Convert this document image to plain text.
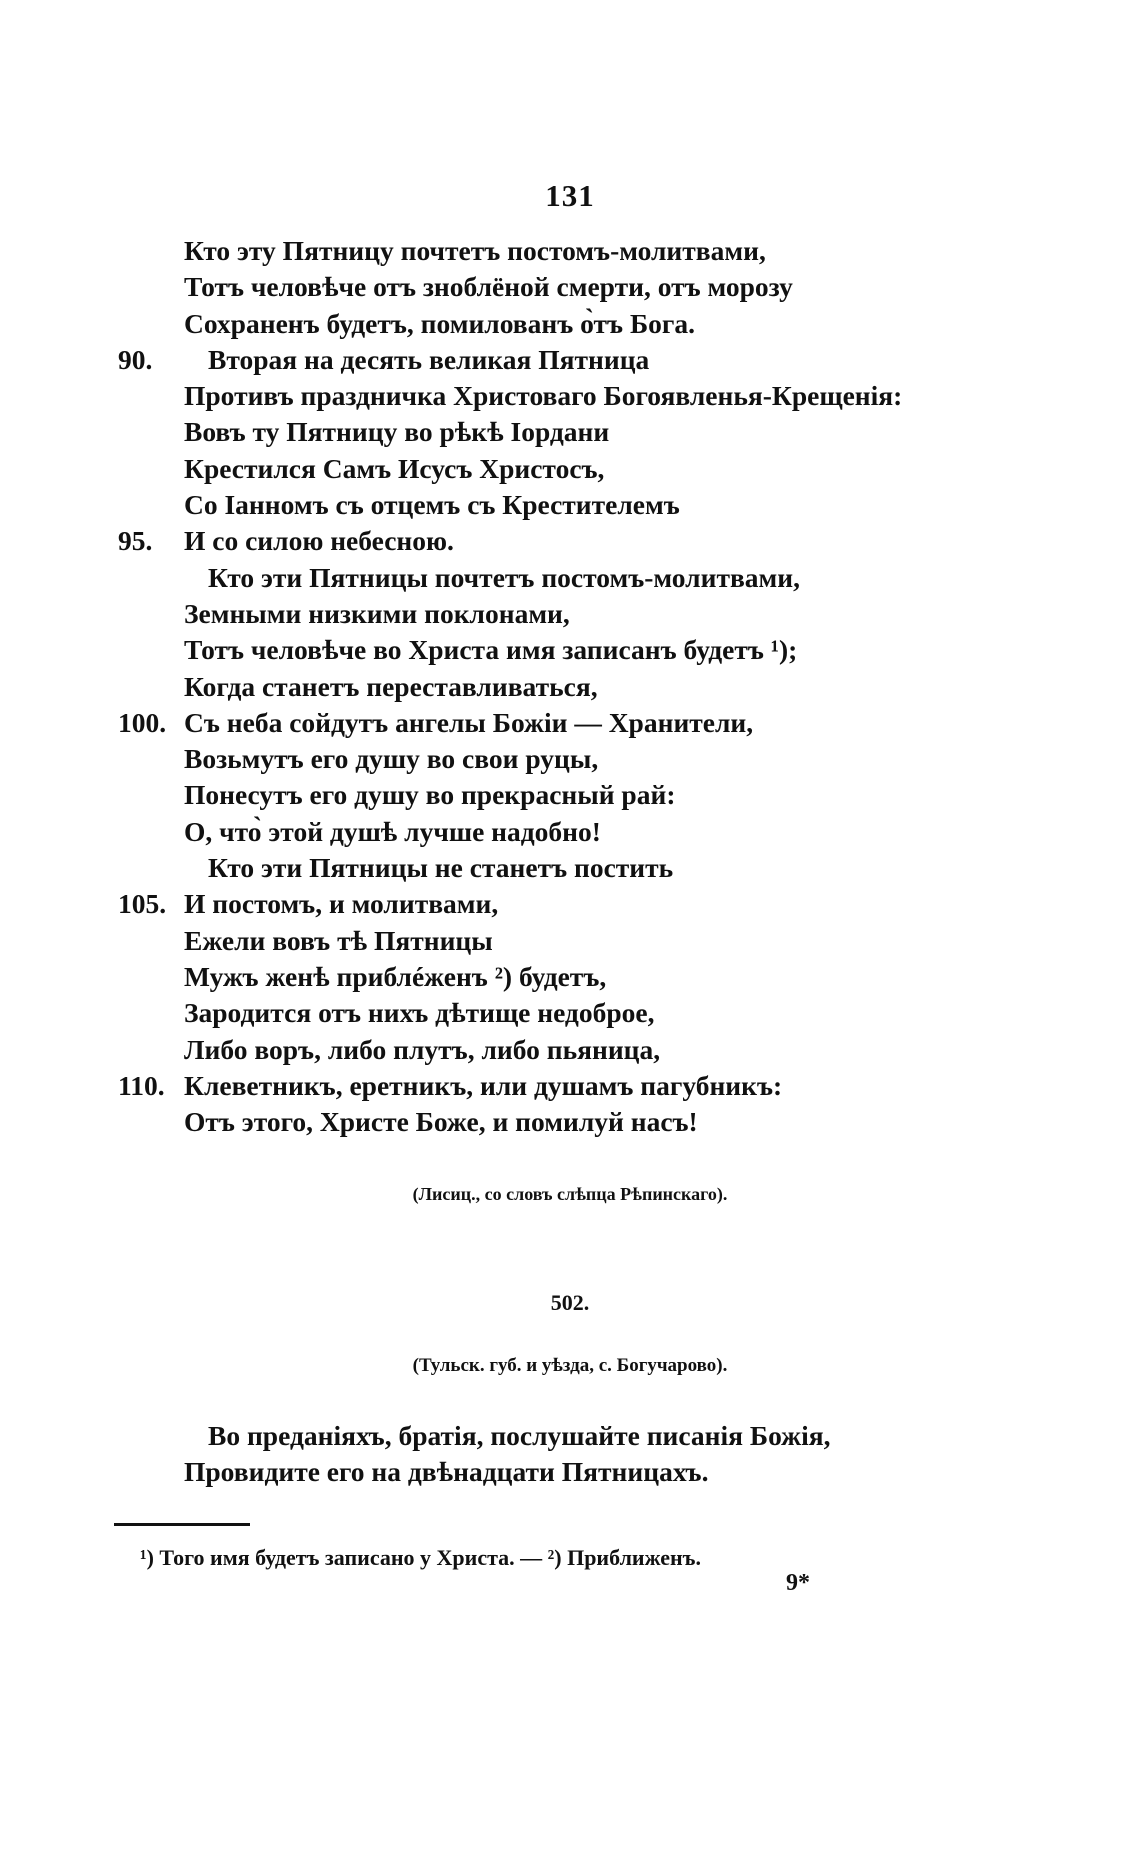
131
Кто эту Пятницу почтетъ постомъ-молитвами,
Тотъ человѣче отъ зноблёной смерти, отъ морозу
Сохраненъ будетъ, помилованъ о̀тъ Бога.
90. Вторая на десять великая Пятница
Противъ праздничка Христоваго Богоявленья-Крещенія:
Вовъ ту Пятницу во рѣкѣ Іордани
Крестился Самъ Исусъ Христосъ,
Со Іанномъ съ отцемъ съ Крестителемъ
95. И со силою небесною.
Кто эти Пятницы почтетъ постомъ-молитвами,
Земными низкими поклонами,
Тотъ человѣче во Христа имя записанъ будетъ ¹);
Когда станетъ переставливаться,
100. Съ неба сойдутъ ангелы Божіи — Хранители,
Возьмутъ его душу во свои руцы,
Понесутъ его душу во прекрасный рай:
О, что̀ этой душѣ лучше надобно!
Кто эти Пятницы не станетъ постить
105. И постомъ, и молитвами,
Ежели вовъ тѣ Пятницы
Мужъ женѣ приблéженъ ²) будетъ,
Зародится отъ нихъ дѣтище недоброе,
Либо воръ, либо плутъ, либо пьяница,
110. Клеветникъ, еретникъ, или душамъ пагубникъ:
Отъ этого, Христе Боже, и помилуй насъ!
(Лисиц., со словъ слѣпца Рѣпинскаго).
502.
(Тульск. губ. и уѣзда, с. Богучарово).
Во преданіяхъ, братія, послушайте писанія Божія,
Провидите его на двѣнадцати Пятницахъ.
¹) Того имя будетъ записано у Христа. — ²) Приближенъ.
9*
